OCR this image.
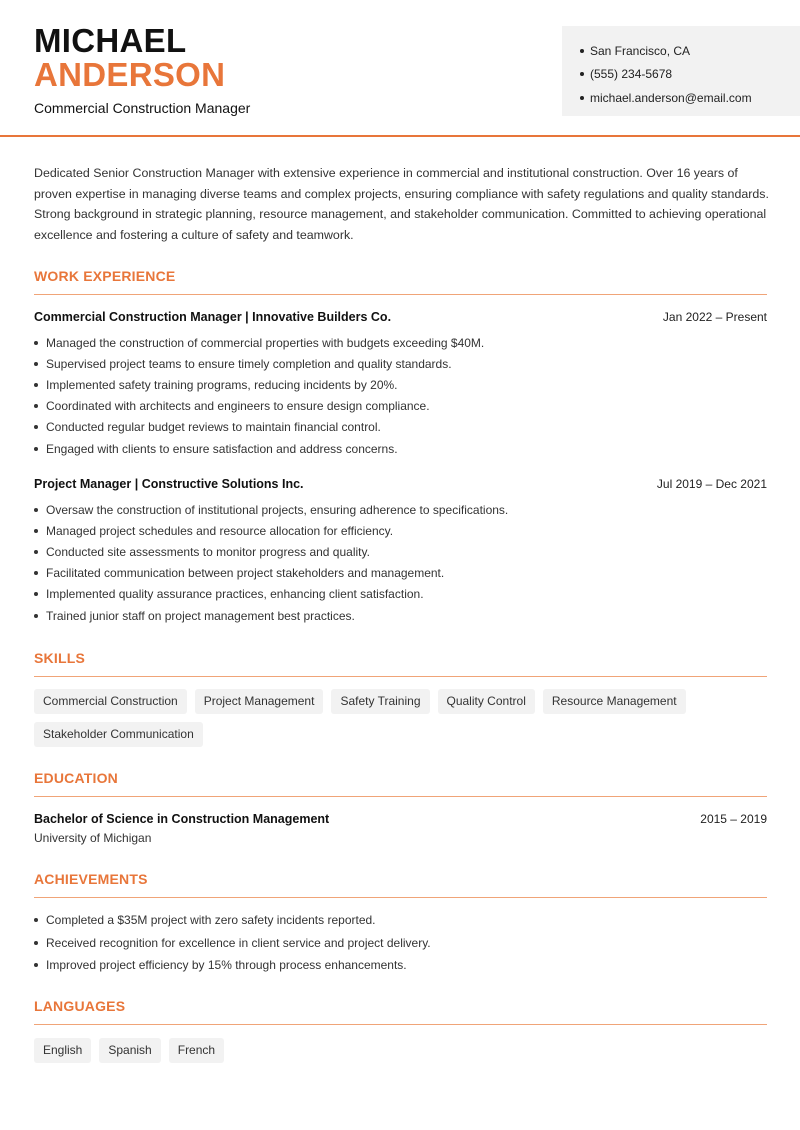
MICHAEL
ANDERSON
Commercial Construction Manager
San Francisco, CA
(555) 234-5678
michael.anderson@email.com

Dedicated Senior Construction Manager with extensive experience in commercial and institutional construction. Over 16 years of proven expertise in managing diverse teams and complex projects, ensuring compliance with safety regulations and quality standards. Strong background in strategic planning, resource management, and stakeholder communication. Committed to achieving operational excellence and fostering a culture of safety and teamwork.

WORK EXPERIENCE
Commercial Construction Manager | Innovative Builders Co.	Jan 2022 – Present
Managed the construction of commercial properties with budgets exceeding $40M.
Supervised project teams to ensure timely completion and quality standards.
Implemented safety training programs, reducing incidents by 20%.
Coordinated with architects and engineers to ensure design compliance.
Conducted regular budget reviews to maintain financial control.
Engaged with clients to ensure satisfaction and address concerns.
Project Manager | Constructive Solutions Inc.	Jul 2019 – Dec 2021
Oversaw the construction of institutional projects, ensuring adherence to specifications.
Managed project schedules and resource allocation for efficiency.
Conducted site assessments to monitor progress and quality.
Facilitated communication between project stakeholders and management.
Implemented quality assurance practices, enhancing client satisfaction.
Trained junior staff on project management best practices.
SKILLS
Commercial Construction	Project Management	Safety Training	Quality Control	Resource Management
Stakeholder Communication
EDUCATION
Bachelor of Science in Construction Management	2015 – 2019
University of Michigan
ACHIEVEMENTS
Completed a $35M project with zero safety incidents reported.
Received recognition for excellence in client service and project delivery.
Improved project efficiency by 15% through process enhancements.
LANGUAGES
English	Spanish	French
